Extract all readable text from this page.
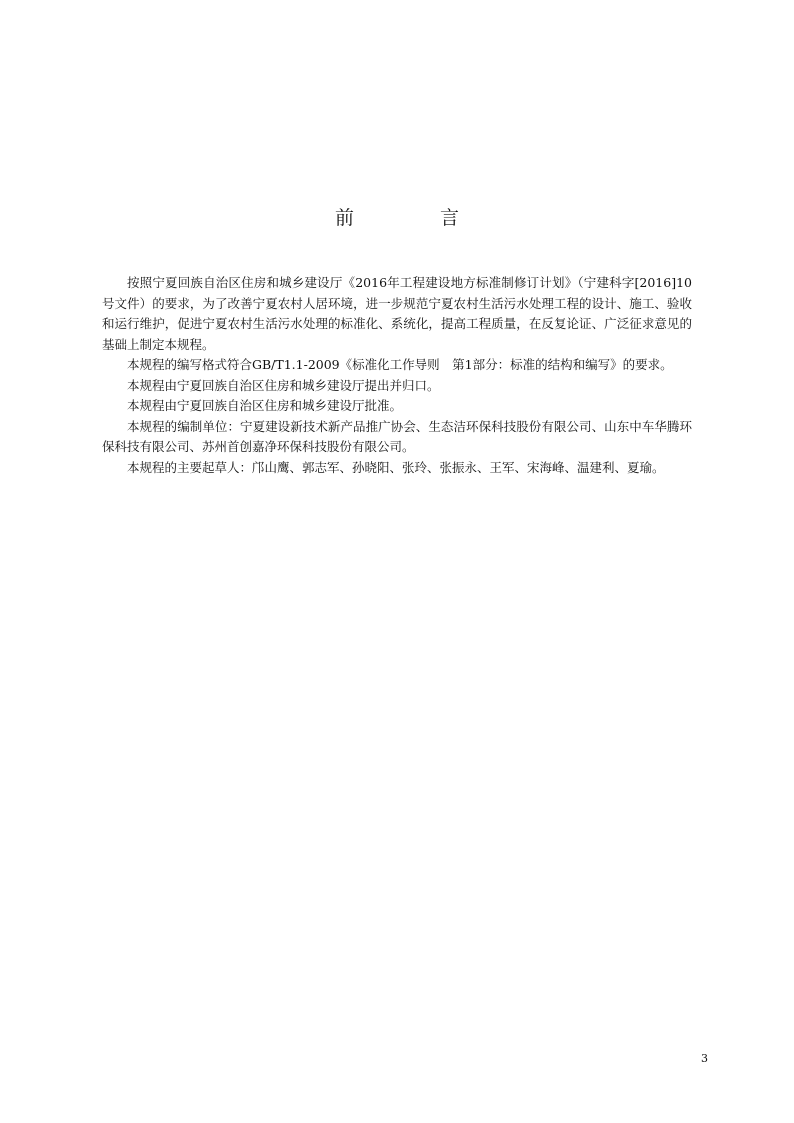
前 言

按照宁夏回族自治区住房和城乡建设厅《2016年工程建设地方标准制修订计划》（宁建科字[2016]10号文件）的要求，为了改善宁夏农村人居环境，进一步规范宁夏农村生活污水处理工程的设计、施工、验收和运行维护，促进宁夏农村生活污水处理的标准化、系统化，提高工程质量，在反复论证、广泛征求意见的基础上制定本规程。

本规程的编写格式符合GB/T1.1-2009《标准化工作导则　第1部分：标准的结构和编写》的要求。

本规程由宁夏回族自治区住房和城乡建设厅提出并归口。

本规程由宁夏回族自治区住房和城乡建设厅批准。

本规程的编制单位：宁夏建设新技术新产品推广协会、生态洁环保科技股份有限公司、山东中车华腾环保科技有限公司、苏州首创嘉净环保科技股份有限公司。

本规程的主要起草人：邝山鹰、郭志军、孙晓阳、张玲、张振永、王军、宋海峰、温建利、夏瑜。

3
